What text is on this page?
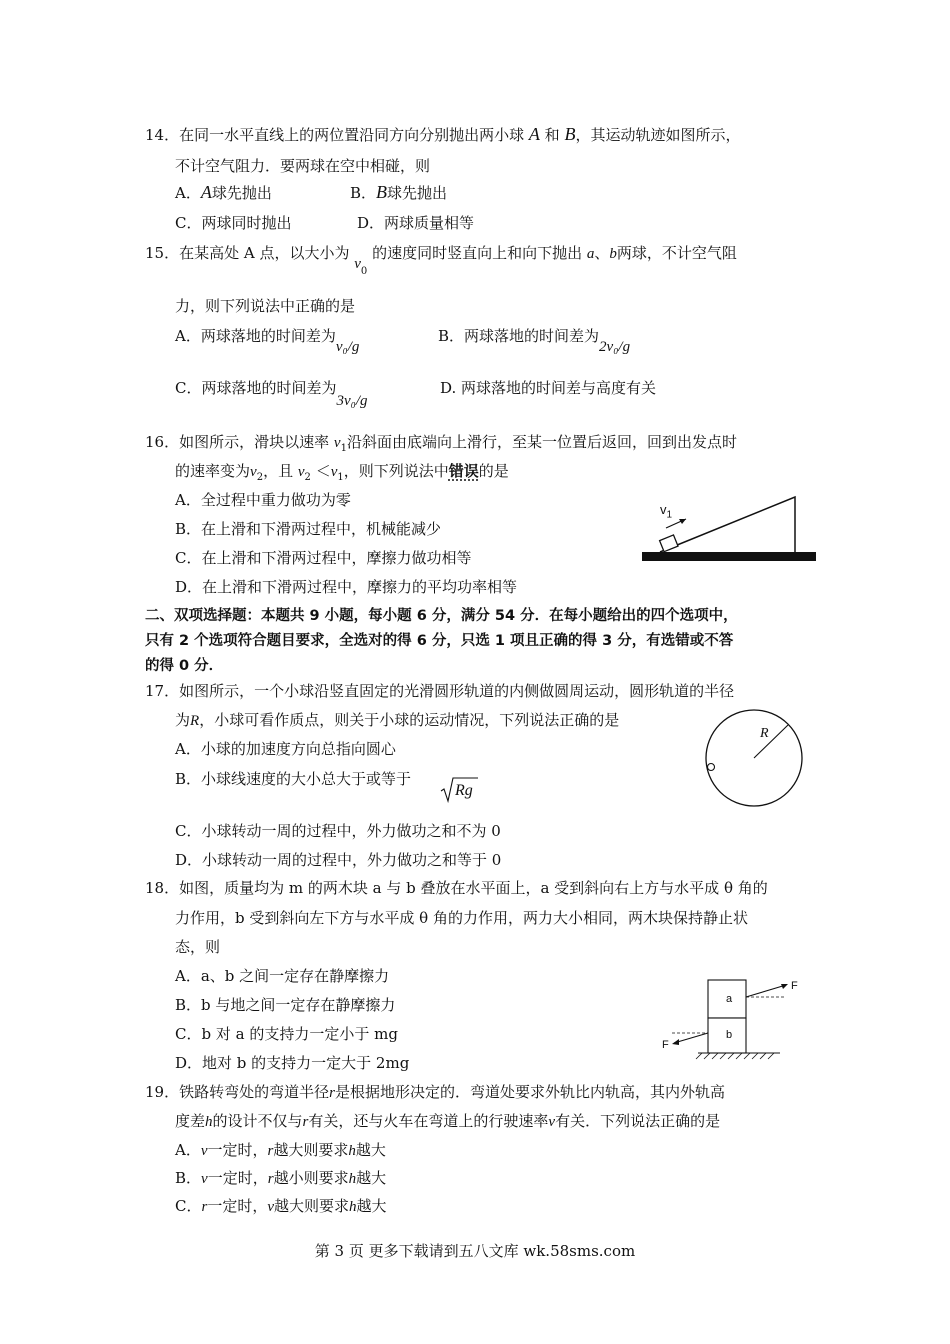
14．在同一水平直线上的两位置沿同方向分别抛出两小球 A 和 B，其运动轨迹如图所示，
不计空气阻力．要两球在空中相碰，则
A．A球先抛出	B．B球先抛出
C．两球同时抛出	D．两球质量相等
15．在某高处 A 点，以大小为 $v_0$ 的速度同时竖直向上和向下抛出 a、b两球，不计空气阻
力，则下列说法中正确的是
A．两球落地的时间差为v₀/g
B．两球落地的时间差为2v₀/g
C．两球落地的时间差为3v₀/g
D. 两球落地的时间差与高度有关
16．如图所示，滑块以速率 $v_1$沿斜面由底端向上滑行，至某一位置后返回，回到出发点时
的速率变为$v_2$，且 $v_2 <v_1$，则下列说法中错误的是
A．全过程中重力做功为零
B．在上滑和下滑两过程中，机械能减少
C．在上滑和下滑两过程中，摩擦力做功相等
D．在上滑和下滑两过程中，摩擦力的平均功率相等
$v_1$
二、双项选择题：本题共 9 小题，每小题 6 分，满分 54 分．在每小题给出的四个选项中，
只有 2 个选项符合题目要求，全选对的得 6 分，只选 1 项且正确的得 3 分，有选错或不答
的得 0 分．
17．如图所示，一个小球沿竖直固定的光滑圆形轨道的内侧做圆周运动，圆形轨道的半径
为R，小球可看作质点，则关于小球的运动情况，下列说法正确的是
A．小球的加速度方向总指向圆心
B．小球线速度的大小总大于或等于
Rg
C．小球转动一周的过程中，外力做功之和不为 0
D．小球转动一周的过程中，外力做功之和等于 0
R
18．如图，质量均为 m 的两木块 a 与 b 叠放在水平面上，a 受到斜向右上方与水平成 θ 角的
力作用，b 受到斜向左下方与水平成 θ 角的力作用，两力大小相同，两木块保持静止状
态，则
A．a、b 之间一定存在静摩擦力
B．b 与地之间一定存在静摩擦力
C．b 对 a 的支持力一定小于 mg
D．地对 b 的支持力一定大于 2mg
a
b
F
F
19．铁路转弯处的弯道半径r是根据地形决定的．弯道处要求外轨比内轨高，其内外轨高
度差h的设计不仅与r有关，还与火车在弯道上的行驶速率v有关．下列说法正确的是
A．v一定时，r越大则要求h越大
B．v一定时，r越小则要求h越大
C．r一定时，v越大则要求h越大
第 3 页 更多下载请到五八文库 wk.58sms.com
